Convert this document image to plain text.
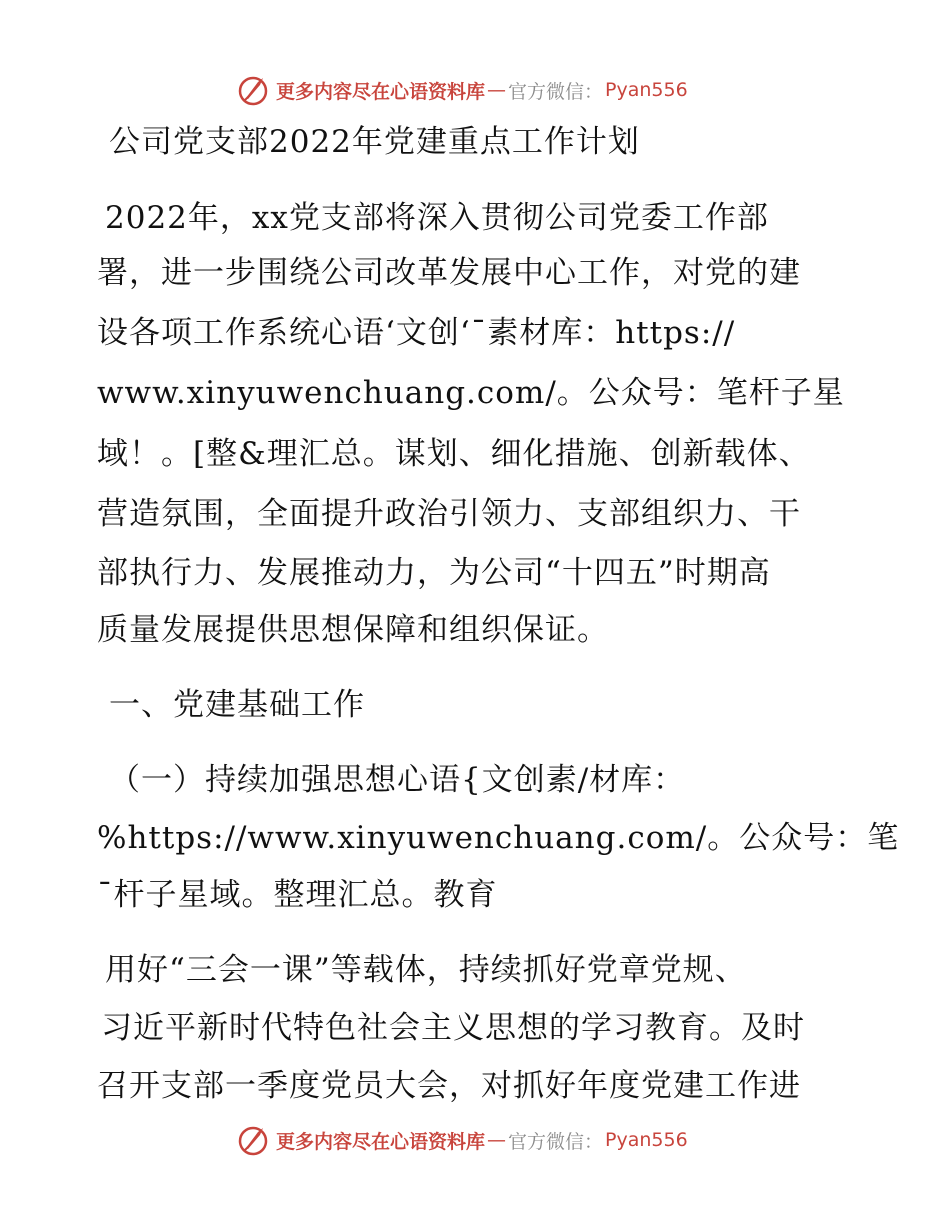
更多内容尽在心语资料库 — 官方微信： Pyan556
公司党支部2022年党建重点工作计划
2022年，xx党支部将深入贯彻公司党委工作部
署，进一步围绕公司改革发展中心工作，对党的建
设各项工作系统心语‘文创‘¯素材库：https://
www.xinyuwenchuang.com/。公众号：笔杆子星
域！。[整&理汇总。谋划、细化措施、创新载体、
营造氛围，全面提升政治引领力、支部组织力、干
部执行力、发展推动力，为公司“十四五”时期高
质量发展提供思想保障和组织保证。
一、党建基础工作
（一）持续加强思想心语{文创素/材库：
%https://www.xinyuwenchuang.com/。公众号：笔
¯杆子星域。整理汇总。教育
用好“三会一课”等载体，持续抓好党章党规、
习近平新时代特色社会主义思想的学习教育。及时
召开支部一季度党员大会，对抓好年度党建工作进
更多内容尽在心语资料库 — 官方微信： Pyan556
